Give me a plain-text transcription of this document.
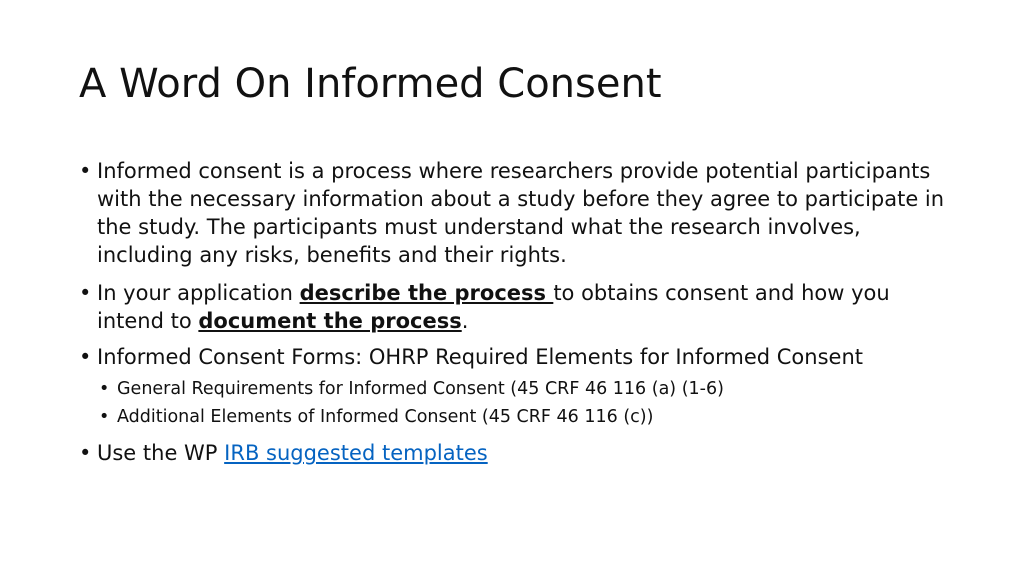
A Word On Informed Consent
• Informed consent is a process where researchers provide potential participants with the necessary information about a study before they agree to participate in the study. The participants must understand what the research involves, including any risks, benefits and their rights.
• In your application describe the process to obtains consent and how you intend to document the process.
• Informed Consent Forms: OHRP Required Elements for Informed Consent
• General Requirements for Informed Consent (45 CRF 46 116 (a) (1-6)
• Additional Elements of Informed Consent (45 CRF 46 116 (c))
• Use the WP IRB suggested templates
